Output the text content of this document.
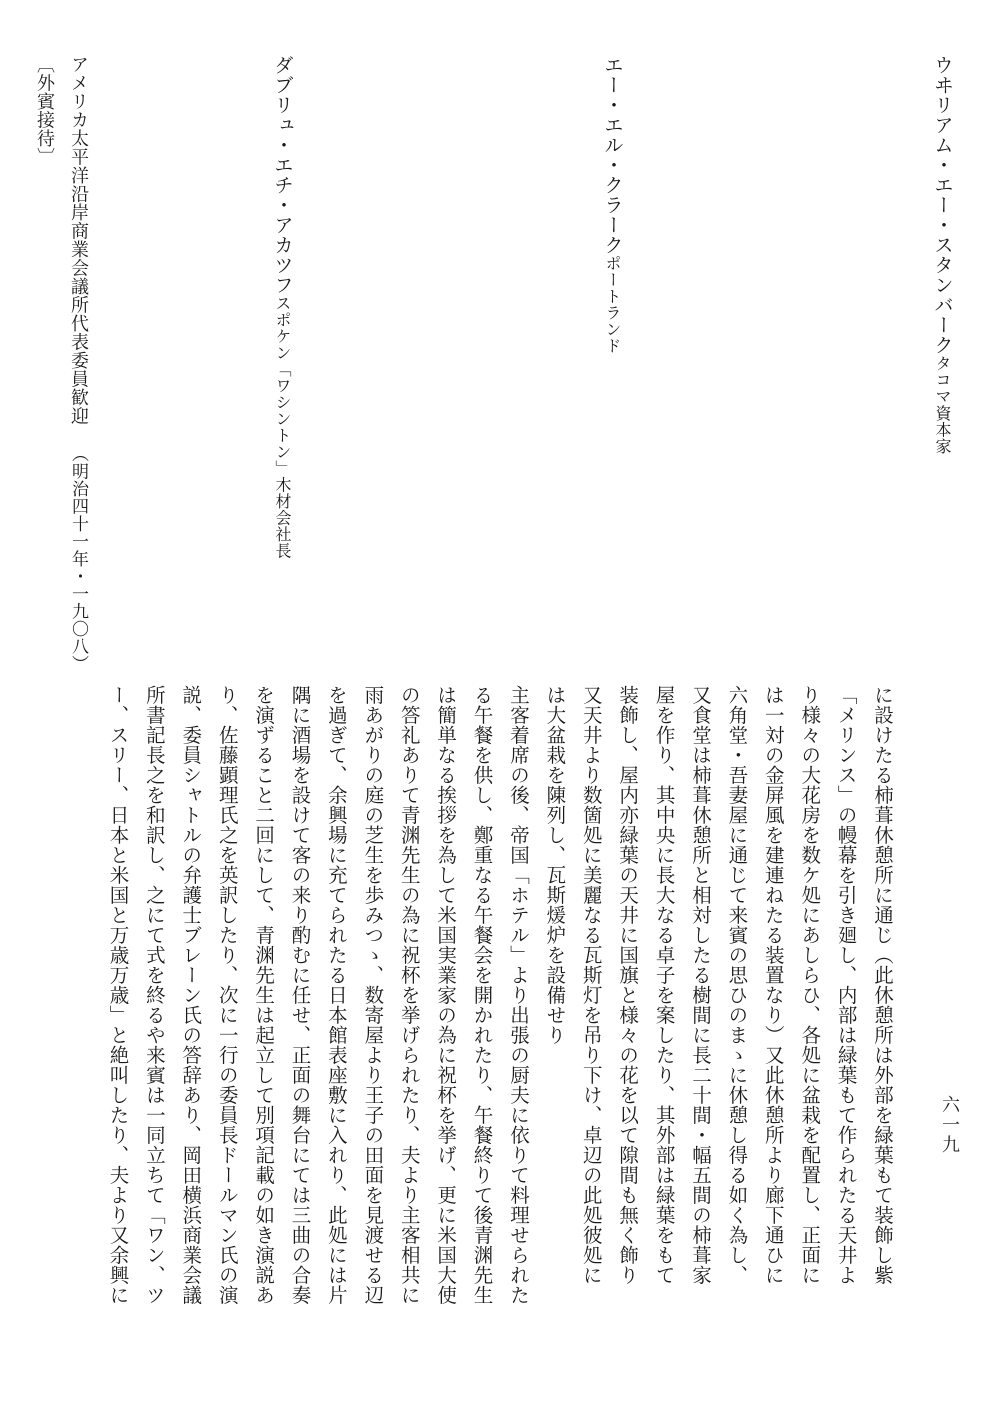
ウヰリアム・エー・スタンバークタコマ資本家
エー・エル・クラークポートランド
ダブリュ・エチ・アカツフスポケン「ワシントン」木材会社長
に設けたる柿葺休憩所に通じ（此休憩所は外部を緑葉もて装飾し紫
「メリンス」の幔幕を引き廻し、内部は緑葉もて作られたる天井よ
り様々の大花房を数ケ処にあしらひ、各処に盆栽を配置し、正面に
は一対の金屏風を建連ねたる装置なり）又此休憩所より廊下通ひに
六角堂・吾妻屋に通じて来賓の思ひのまゝに休憩し得る如く為し、
又食堂は柿葺休憩所と相対したる樹間に長二十間・幅五間の柿葺家
屋を作り、其中央に長大なる卓子を案したり、其外部は緑葉をもて
装飾し、屋内亦緑葉の天井に国旗と様々の花を以て隙間も無く飾り
又天井より数箇処に美麗なる瓦斯灯を吊り下け、卓辺の此処彼処に
は大盆栽を陳列し、瓦斯煖炉を設備せり
主客着席の後、帝国「ホテル」より出張の厨夫に依りて料理せられた
る午餐を供し、鄭重なる午餐会を開かれたり、午餐終りて後青渊先生
は簡単なる挨拶を為して米国実業家の為に祝杯を挙げ、更に米国大使
の答礼ありて青渊先生の為に祝杯を挙げられたり、夫より主客相共に
雨あがりの庭の芝生を歩みつゝ、数寄屋より王子の田面を見渡せる辺
を過ぎて、余興場に充てられたる日本館表座敷に入れり、此処には片
隅に酒場を設けて客の来り酌むに任せ、正面の舞台にては三曲の合奏
を演ずること二回にして、青渊先生は起立して別項記載の如き演説あ
り、佐藤顕理氏之を英訳したり、次に一行の委員長ドールマン氏の演
説、委員シャトルの弁護士ブレーン氏の答辞あり、岡田横浜商業会議
所書記長之を和訳し、之にて式を終るや来賓は一同立ちて「ワン、ツ
ー、スリー、日本と米国と万歳万歳」と絶叫したり、夫より又余興に
アメリカ太平洋沿岸商業会議所代表委員歓迎（明治四十一年・一九〇八）
〔外賓接待〕
六一九
